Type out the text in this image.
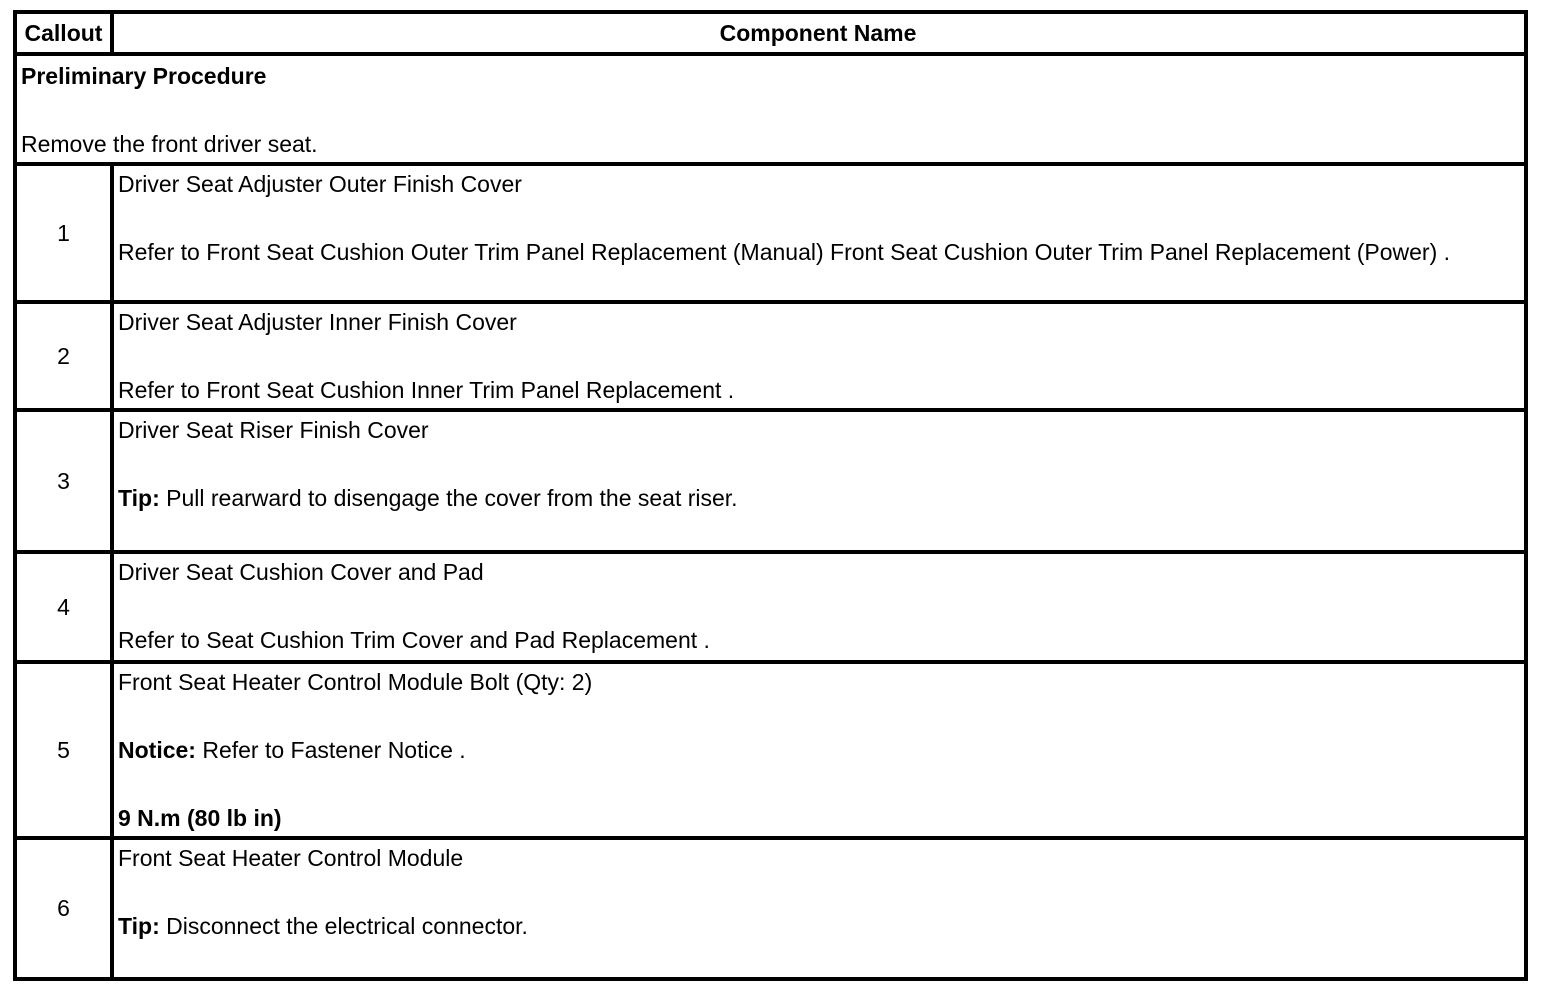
Callout	Component Name

Preliminary Procedure

Remove the front driver seat.

1

Driver Seat Adjuster Outer Finish Cover

Refer to Front Seat Cushion Outer Trim Panel Replacement (Manual) Front Seat Cushion Outer Trim Panel Replacement (Power) .

2

Driver Seat Adjuster Inner Finish Cover

Refer to Front Seat Cushion Inner Trim Panel Replacement .

3

Driver Seat Riser Finish Cover

Tip: Pull rearward to disengage the cover from the seat riser.

4

Driver Seat Cushion Cover and Pad

Refer to Seat Cushion Trim Cover and Pad Replacement .

5

Front Seat Heater Control Module Bolt (Qty: 2)

Notice: Refer to Fastener Notice .

9 N.m (80 lb in)

6

Front Seat Heater Control Module

Tip: Disconnect the electrical connector.
